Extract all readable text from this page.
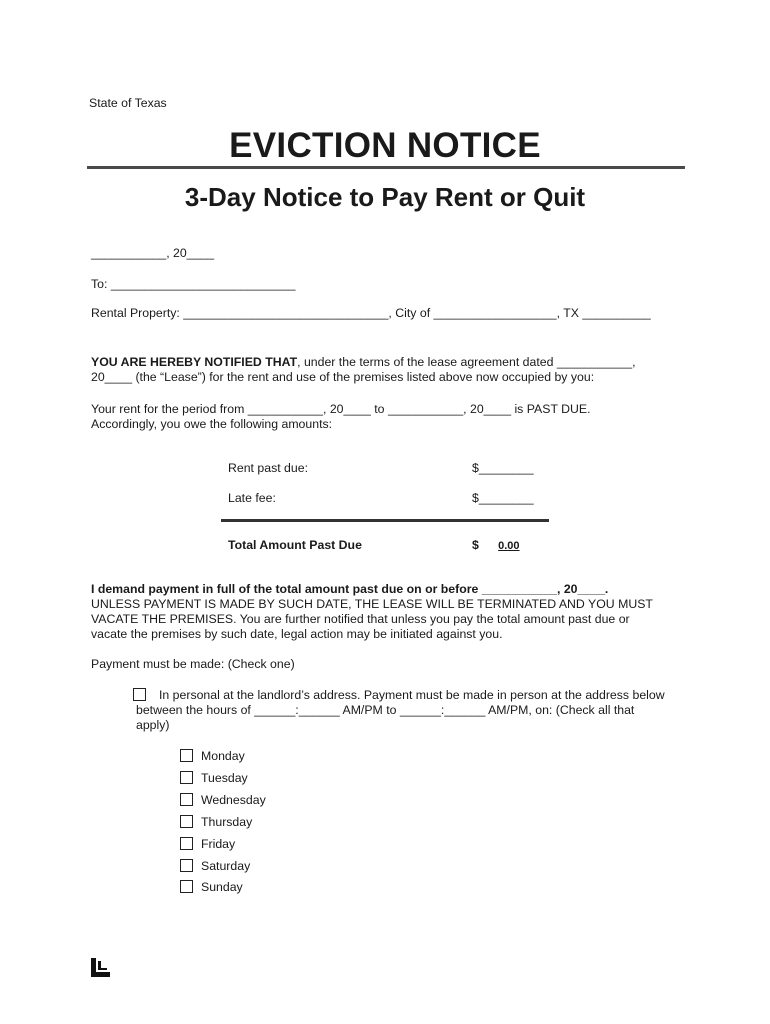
State of Texas
EVICTION NOTICE
3-Day Notice to Pay Rent or Quit
___________, 20____
To: ___________________________
Rental Property: ______________________________, City of __________________, TX __________
YOU ARE HEREBY NOTIFIED THAT, under the terms of the lease agreement dated ___________,
20____ (the “Lease”) for the rent and use of the premises listed above now occupied by you:
Your rent for the period from ___________, 20____ to ___________, 20____ is PAST DUE.
Accordingly, you owe the following amounts:
Rent past due:	$________
Late fee:	$________
Total Amount Past Due	$ 0.00
I demand payment in full of the total amount past due on or before ___________, 20____.
UNLESS PAYMENT IS MADE BY SUCH DATE, THE LEASE WILL BE TERMINATED AND YOU MUST
VACATE THE PREMISES. You are further notified that unless you pay the total amount past due or
vacate the premises by such date, legal action may be initiated against you.
Payment must be made: (Check one)
In personal at the landlord’s address. Payment must be made in person at the address below
between the hours of ______:______ AM/PM to ______:______ AM/PM, on: (Check all that
apply)
Monday
Tuesday
Wednesday
Thursday
Friday
Saturday
Sunday
